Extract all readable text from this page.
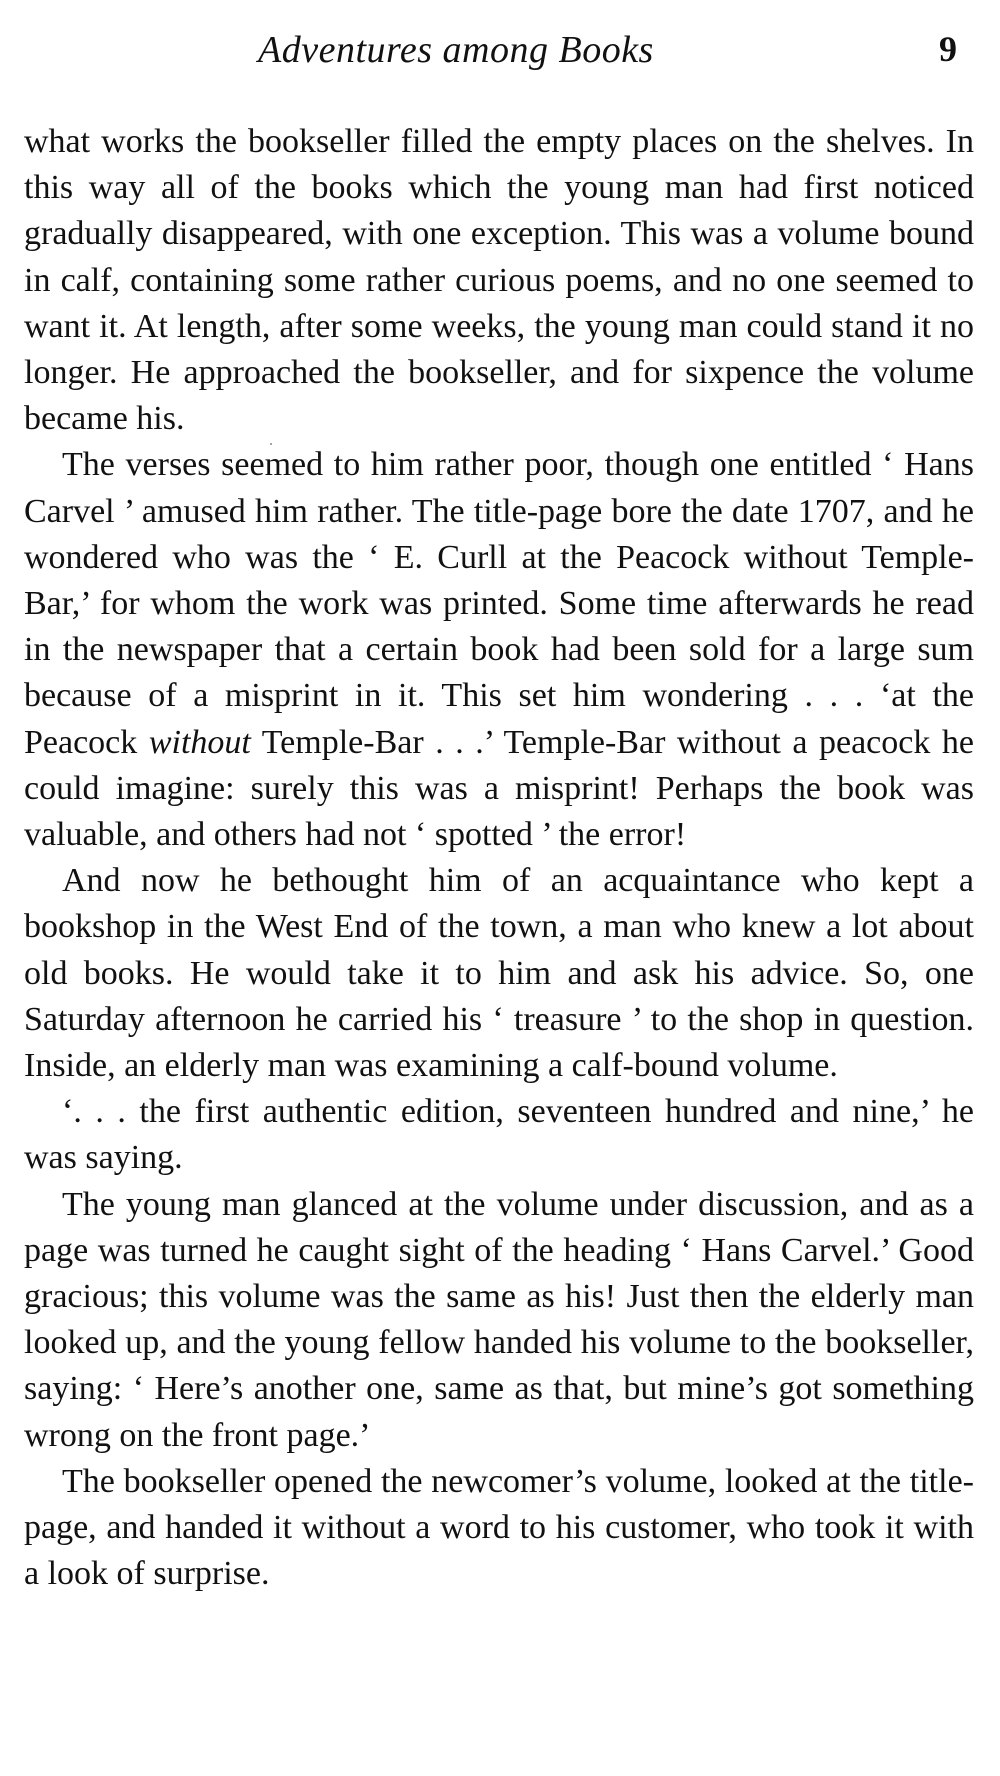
Adventures among Books	9

what works the bookseller filled the empty places on the shelves. In this way all of the books which the young man had first noticed gradually disappeared, with one exception. This was a volume bound in calf, containing some rather curious poems, and no one seemed to want it. At length, after some weeks, the young man could stand it no longer. He approached the bookseller, and for sixpence the volume became his.

The verses seemed to him rather poor, though one entitled ‘ Hans Carvel ’ amused him rather. The title-page bore the date 1707, and he wondered who was the ‘ E. Curll at the Peacock without Temple-Bar,’ for whom the work was printed. Some time afterwards he read in the newspaper that a certain book had been sold for a large sum because of a misprint in it. This set him wondering . . . ‘at the Peacock without Temple-Bar . . .’ Temple-Bar without a peacock he could imagine: surely this was a misprint! Perhaps the book was valuable, and others had not ‘ spotted ’ the error!

And now he bethought him of an acquaintance who kept a bookshop in the West End of the town, a man who knew a lot about old books. He would take it to him and ask his advice. So, one Saturday afternoon he carried his ‘ treasure ’ to the shop in question. Inside, an elderly man was examining a calf-bound volume.

‘. . . the first authentic edition, seventeen hundred and nine,’ he was saying.

The young man glanced at the volume under discussion, and as a page was turned he caught sight of the heading ‘ Hans Carvel.’ Good gracious; this volume was the same as his! Just then the elderly man looked up, and the young fellow handed his volume to the bookseller, saying: ‘ Here’s another one, same as that, but mine’s got something wrong on the front page.’

The bookseller opened the newcomer’s volume, looked at the title-page, and handed it without a word to his customer, who took it with a look of surprise.
